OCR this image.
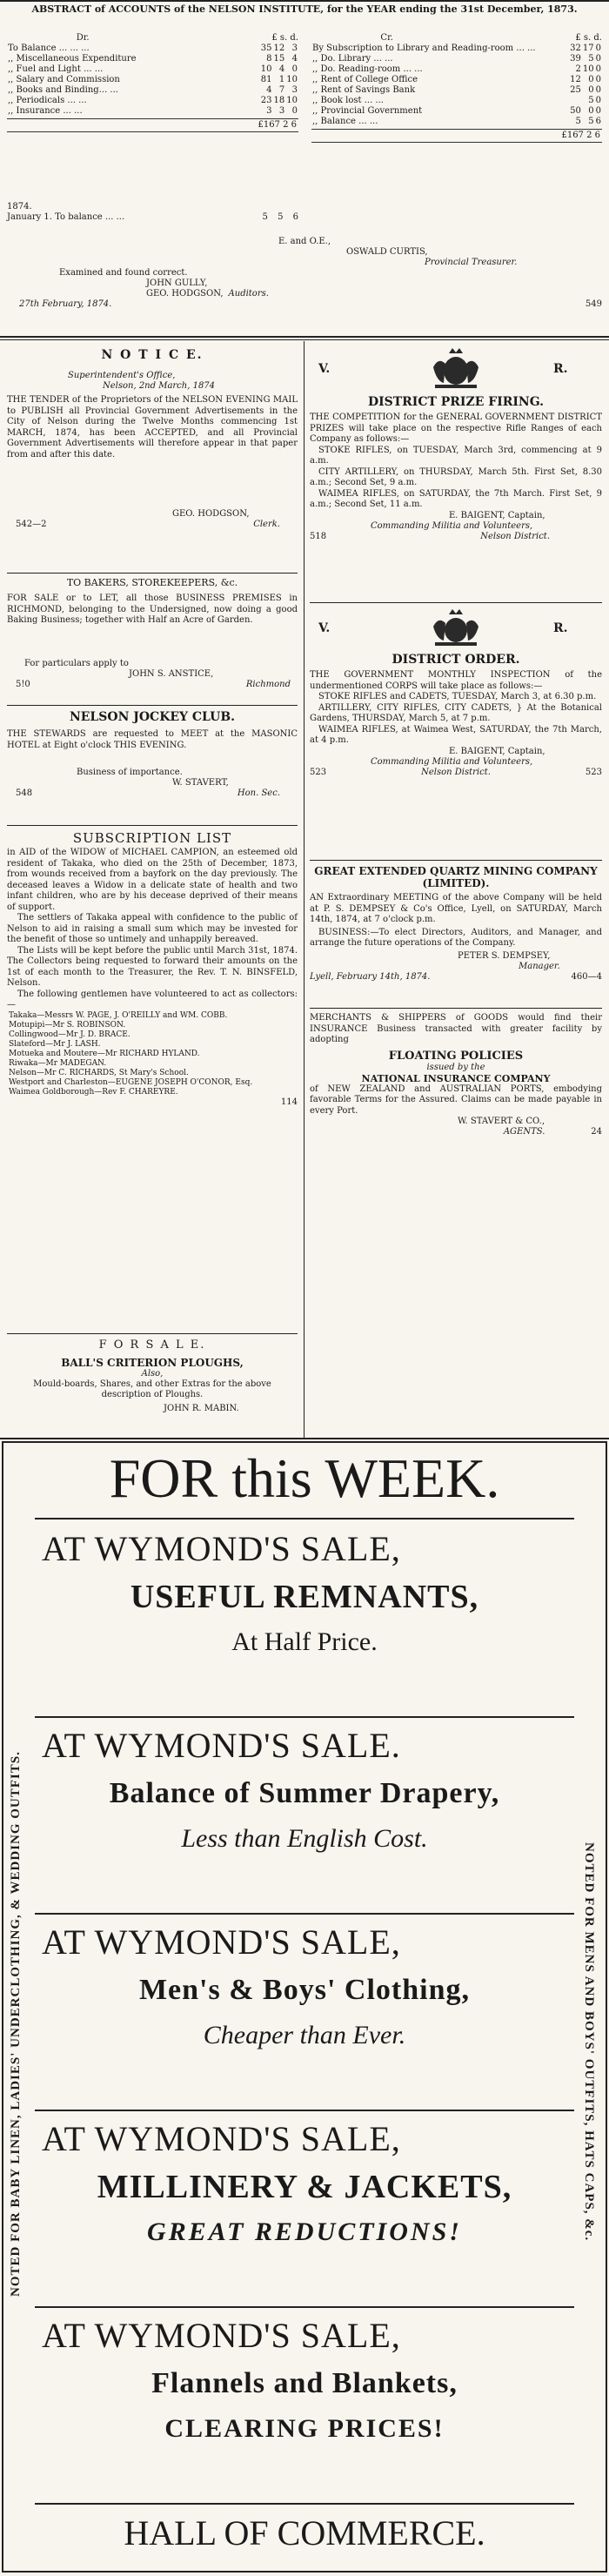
ABSTRACT of ACCOUNTS of the NELSON INSTITUTE, for the YEAR ending the 31st December, 1873.
Dr.	£ s. d.
To Balance ... ... ...	35	12	3
,, Miscellaneous Expenditure	8	15	4
,, Fuel and Light ... ...	10	4	0
,, Salary and Commission	81	1	10
,, Books and Binding... ...	4	7	3
,, Periodicals ... ...	23	18	10
,, Insurance ... ...	3	3	0
£167 2 6
Cr.	£ s. d.
By Subscription to Library and Reading-room ... ...	32	17	0
,, Do. Library ... ...	39	5	0
,, Do. Reading-room ... ...	2	10	0
,, Rent of College Office	12	0	0
,, Rent of Savings Bank	25	0	0
,, Book lost ... ...		5	0
,, Provincial Government	50	0	0
,, Balance ... ...	5	5	6
£167 2 6
1874.
January 1. To balance ... ...	5 5 6
E. and O.E.,
OSWALD CURTIS,
Provincial Treasurer.
Examined and found correct.
JOHN GULLY,
GEO. HODGSON, Auditors.
27th February, 1874.	549
N O T I C E.
Superintendent's Office,
Nelson, 2nd March, 1874
THE TENDER of the Proprietors of the NELSON EVENING MAIL to PUBLISH all Provincial Government Advertisements in the City of Nelson during the Twelve Months commencing 1st MARCH, 1874, has been ACCEPTED, and all Provincial Government Advertisements will therefore appear in that paper from and after this date.
GEO. HODGSON,
542—2	Clerk.
TO BAKERS, STOREKEEPERS, &c.
FOR SALE or to LET, all those BUSINESS PREMISES in RICHMOND, belonging to the Undersigned, now doing a good Baking Business; together with Half an Acre of Garden.
For particulars apply to
JOHN S. ANSTICE,
5!0	Richmond
NELSON JOCKEY CLUB.
THE STEWARDS are requested to MEET at the MASONIC HOTEL at Eight o'clock THIS EVENING.
Business of importance.
W. STAVERT,
548	Hon. Sec.
SUBSCRIPTION LIST
in AID of the WIDOW of MICHAEL CAMPION, an esteemed old resident of Takaka, who died on the 25th of December, 1873, from wounds received from a bayfork on the day previously. The deceased leaves a Widow in a delicate state of health and two infant children, who are by his decease deprived of their means of support.
The settlers of Takaka appeal with confidence to the public of Nelson to aid in raising a small sum which may be invested for the benefit of those so untimely and unhappily bereaved.
The Lists will be kept before the public until March 31st, 1874. The Collectors being requested to forward their amounts on the 1st of each month to the Treasurer, the Rev. T. N. BINSFELD, Nelson.
The following gentlemen have volunteered to act as collectors:—
Takaka—Messrs W. PAGE, J. O'REILLY and WM. COBB.
Motupipi—Mr S. ROBINSON.
Collingwood—Mr J. D. BRACE.
Slateford—Mr J. LASH.
Motueka and Moutere—Mr RICHARD HYLAND.
Riwaka—Mr MADEGAN.
Nelson—Mr C. RICHARDS, St Mary's School.
Westport and Charleston—EUGENE JOSEPH O'CONOR, Esq.
Waimea Goldborough—Rev F. CHAREYRE.
114
F O R S A L E.
BALL'S CRITERION PLOUGHS,
Also,
Mould-boards, Shares, and other Extras for the above description of Ploughs.
JOHN R. MABIN.
V.	R.
DISTRICT PRIZE FIRING.
THE COMPETITION for the GENERAL GOVERNMENT DISTRICT PRIZES will take place on the respective Rifle Ranges of each Company as follows:—
STOKE RIFLES, on TUESDAY, March 3rd, commencing at 9 a.m.
CITY ARTILLERY, on THURSDAY, March 5th. First Set, 8.30 a.m.; Second Set, 9 a.m.
WAIMEA RIFLES, on SATURDAY, the 7th March. First Set, 9 a.m.; Second Set, 11 a.m.
E. BAIGENT, Captain,
Commanding Militia and Volunteers,
518	Nelson District.
V.	R.
DISTRICT ORDER.
THE GOVERNMENT MONTHLY INSPECTION of the undermentioned CORPS will take place as follows:—
STOKE RIFLES and CADETS, TUESDAY, March 3, at 6.30 p.m.
ARTILLERY, CITY RIFLES, CITY CADETS, } At the Botanical Gardens, THURSDAY, March 5, at 7 p.m.
WAIMEA RIFLES, at Waimea West, SATURDAY, the 7th March, at 4 p.m.
E. BAIGENT, Captain,
Commanding Militia and Volunteers,
523	Nelson District.	523
GREAT EXTENDED QUARTZ MINING COMPANY (LIMITED).
AN Extraordinary MEETING of the above Company will be held at P. S. DEMPSEY & Co's Office, Lyell, on SATURDAY, March 14th, 1874, at 7 o'clock p.m.
BUSINESS:—To elect Directors, Auditors, and Manager, and arrange the future operations of the Company.
PETER S. DEMPSEY,
Manager.
Lyell, February 14th, 1874.	460—4
MERCHANTS & SHIPPERS of GOODS would find their INSURANCE Business transacted with greater facility by adopting
FLOATING POLICIES
issued by the
NATIONAL INSURANCE COMPANY
of NEW ZEALAND and AUSTRALIAN PORTS, embodying favorable Terms for the Assured. Claims can be made payable in every Port.
W. STAVERT & CO.,
AGENTS.	24
NOTED FOR BABY LINEN, LADIES' UNDERCLOTHING, & WEDDING OUTFITS.	NOTED FOR MENS AND BOYS' OUTFITS, HATS CAPS, &c.
FOR this WEEK.
AT WYMOND'S SALE,
USEFUL REMNANTS,
At Half Price.
AT WYMOND'S SALE.
Balance of Summer Drapery,
Less than English Cost.
AT WYMOND'S SALE,
Men's & Boys' Clothing,
Cheaper than Ever.
AT WYMOND'S SALE,
MILLINERY & JACKETS,
GREAT REDUCTIONS!
AT WYMOND'S SALE,
Flannels and Blankets,
CLEARING PRICES!
HALL OF COMMERCE.
